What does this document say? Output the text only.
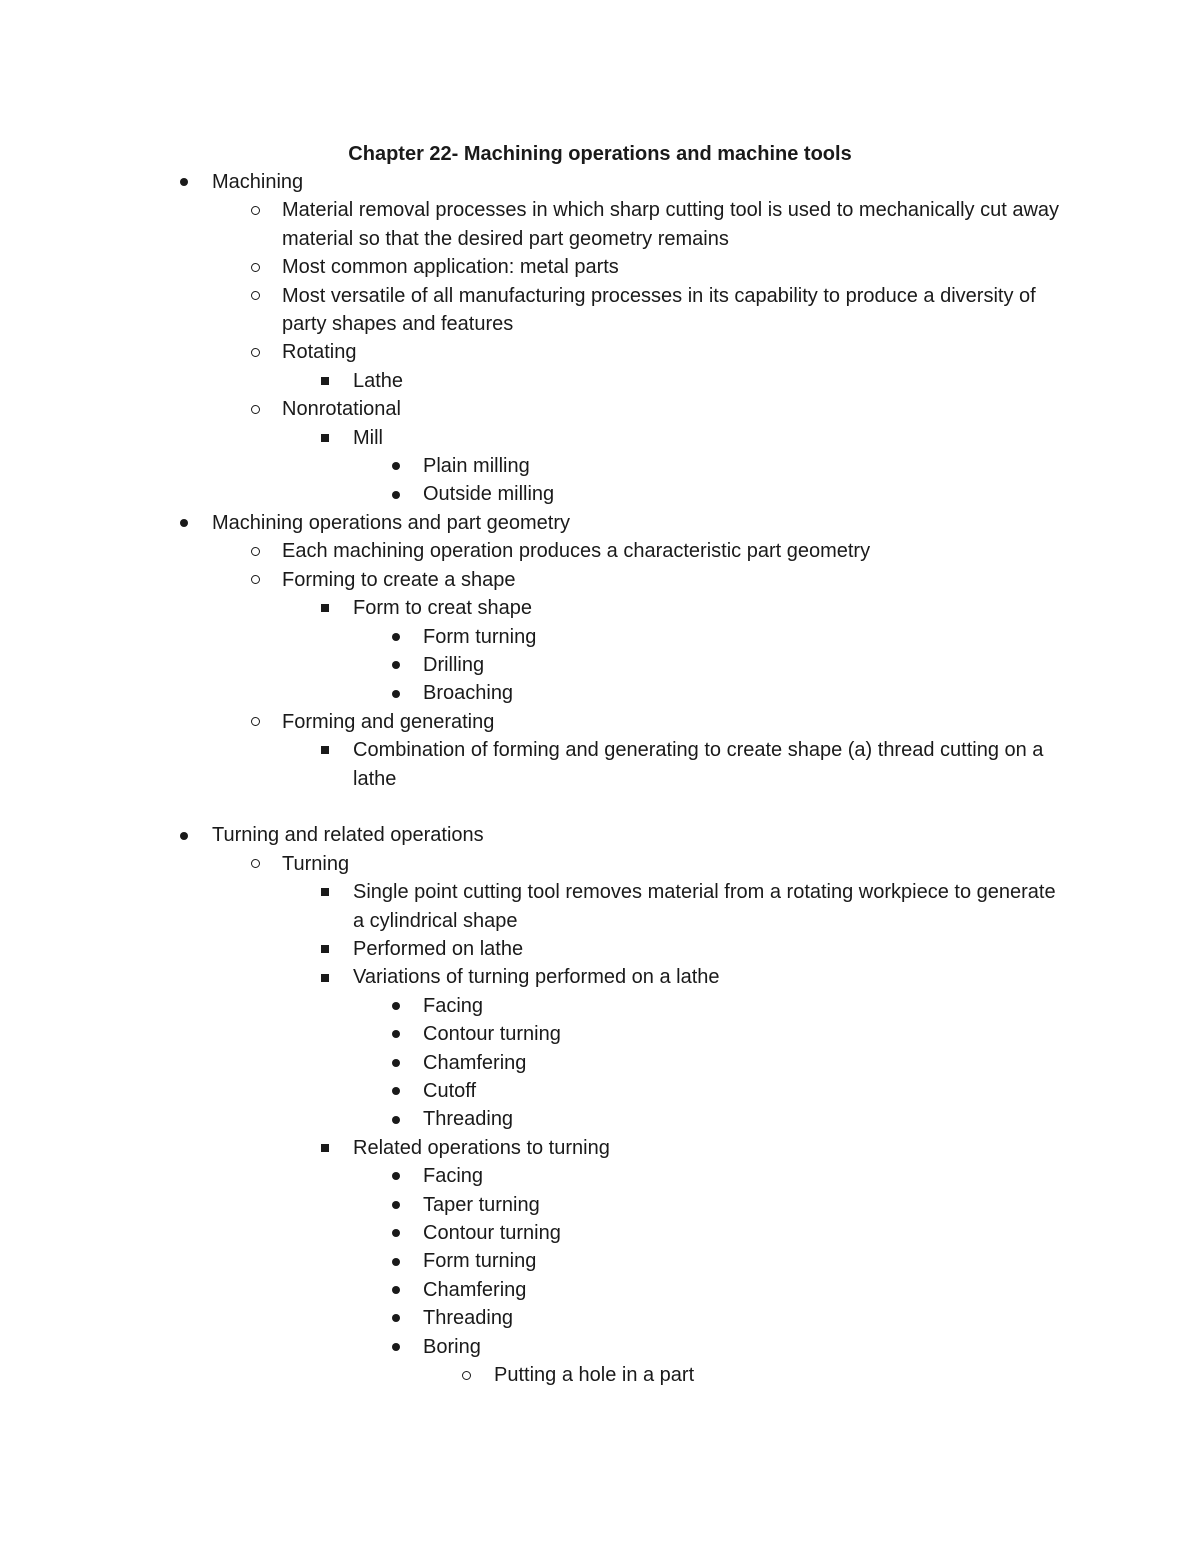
Chapter 22- Machining operations and machine tools
Machining
Material removal processes in which sharp cutting tool is used to mechanically cut away material so that the desired part geometry remains
Most common application: metal parts
Most versatile of all manufacturing processes in its capability to produce a diversity of party shapes and features
Rotating
Lathe
Nonrotational
Mill
Plain milling
Outside milling
Machining operations and part geometry
Each machining operation produces a characteristic part geometry
Forming to create a shape
Form to creat shape
Form turning
Drilling
Broaching
Forming and generating
Combination of forming and generating to create shape (a) thread cutting on a lathe
Turning and related operations
Turning
Single point cutting tool removes material from a rotating workpiece to generate a cylindrical shape
Performed on lathe
Variations of turning performed on a lathe
Facing
Contour turning
Chamfering
Cutoff
Threading
Related operations to turning
Facing
Taper turning
Contour turning
Form turning
Chamfering
Threading
Boring
Putting a hole in a part
